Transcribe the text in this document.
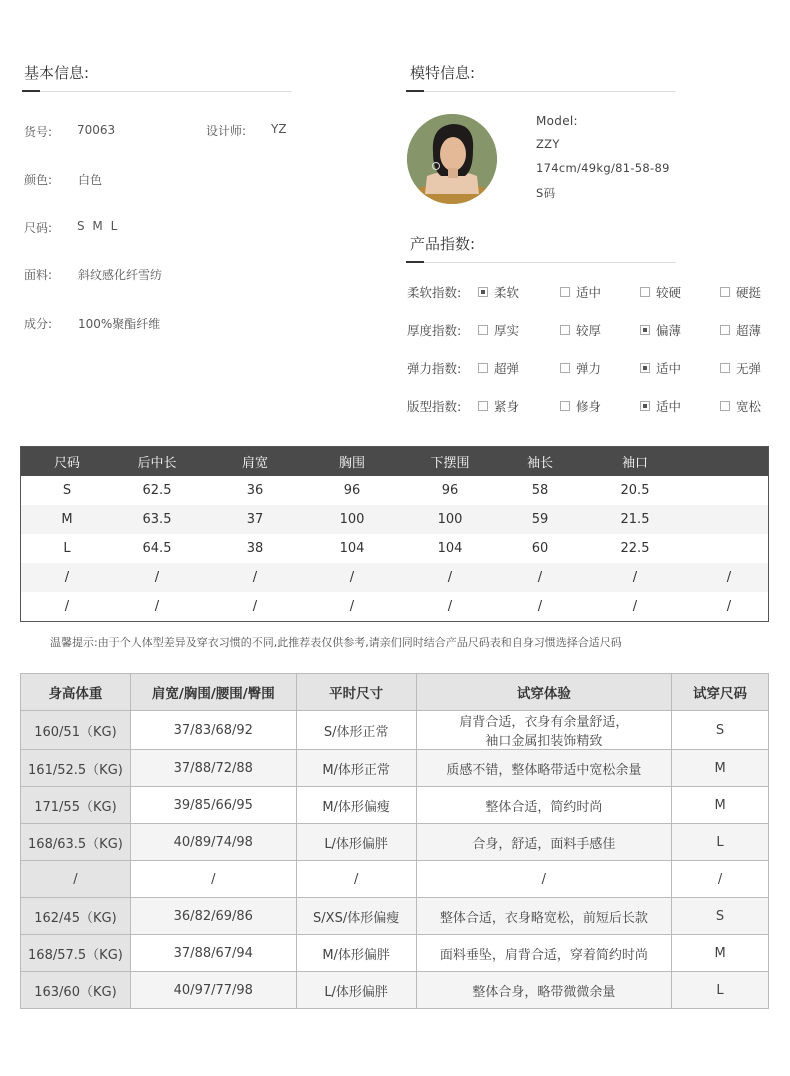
基本信息:
货号: 70063	设计师: YZ
颜色: 白色
尺码: S M L
面料: 斜纹感化纤雪纺
成分: 100%聚酯纤维
模特信息:
Model:
ZZY
174cm/49kg/81-58-89
S码
产品指数:
柔软指数:	柔软	适中	较硬	硬挺
厚度指数:	厚实	较厚	偏薄	超薄
弹力指数:	超弹	弹力	适中	无弹
版型指数:	紧身	修身	适中	宽松
尺码	后中长	肩宽	胸围	下摆围	袖长	袖口
S	62.5	36	96	96	58	20.5
M	63.5	37	100	100	59	21.5
L	64.5	38	104	104	60	22.5
/	/	/	/	/	/	/	/
/	/	/	/	/	/	/	/
温馨提示:由于个人体型差异及穿衣习惯的不同,此推荐表仅供参考,请亲们同时结合产品尺码表和自身习惯选择合适尺码
身高体重	肩宽/胸围/腰围/臀围	平时尺寸	试穿体验	试穿尺码
160/51（KG)	37/83/68/92	S/体形正常	肩背合适，衣身有余量舒适，
袖口金属扣装饰精致	S
161/52.5（KG)	37/88/72/88	M/体形正常	质感不错，整体略带适中宽松余量	M
171/55（KG)	39/85/66/95	M/体形偏瘦	整体合适，简约时尚	M
168/63.5（KG)	40/89/74/98	L/体形偏胖	合身，舒适，面料手感佳	L
/	/	/	/	/
162/45（KG)	36/82/69/86	S/XS/体形偏瘦	整体合适，衣身略宽松，前短后长款	S
168/57.5（KG)	37/88/67/94	M/体形偏胖	面料垂坠，肩背合适，穿着简约时尚	M
163/60（KG)	40/97/77/98	L/体形偏胖	整体合身，略带微微余量	L
